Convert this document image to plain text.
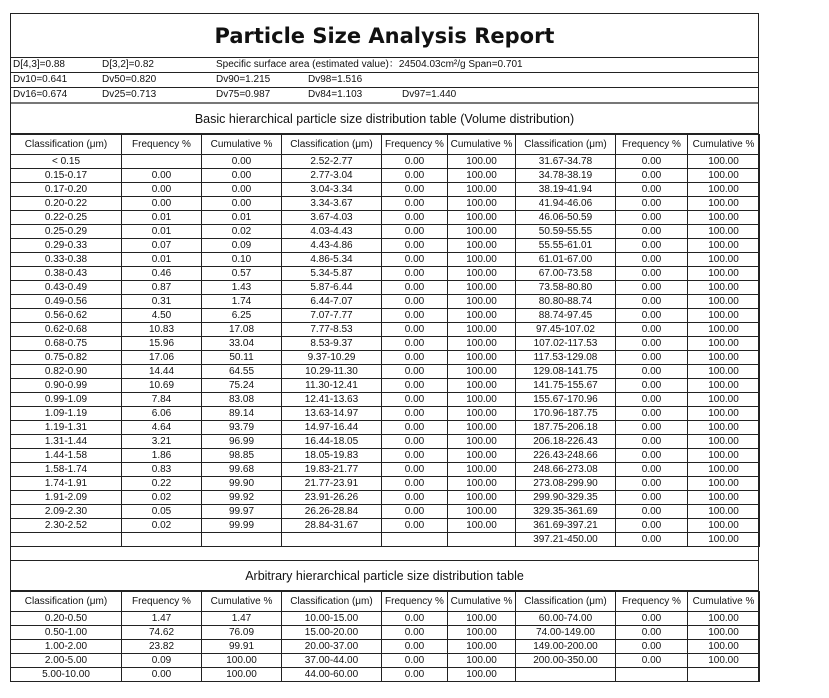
Particle Size Analysis Report
D[4,3]=0.88	D[3,2]=0.82	Specific surface area (estimated value)：24504.03cm²/g Span=0.701
Dv10=0.641	Dv50=0.820	Dv90=1.215	Dv98=1.516
Dv16=0.674	Dv25=0.713	Dv75=0.987	Dv84=1.103	Dv97=1.440
Basic hierarchical particle size distribution table (Volume distribution)
Classification (μm)	Frequency %	Cumulative %	Classification (μm)	Frequency %	Cumulative %	Classification (μm)	Frequency %	Cumulative %
< 0.15		0.00	2.52-2.77	0.00	100.00	31.67-34.78	0.00	100.00
0.15-0.17	0.00	0.00	2.77-3.04	0.00	100.00	34.78-38.19	0.00	100.00
0.17-0.20	0.00	0.00	3.04-3.34	0.00	100.00	38.19-41.94	0.00	100.00
0.20-0.22	0.00	0.00	3.34-3.67	0.00	100.00	41.94-46.06	0.00	100.00
0.22-0.25	0.01	0.01	3.67-4.03	0.00	100.00	46.06-50.59	0.00	100.00
0.25-0.29	0.01	0.02	4.03-4.43	0.00	100.00	50.59-55.55	0.00	100.00
0.29-0.33	0.07	0.09	4.43-4.86	0.00	100.00	55.55-61.01	0.00	100.00
0.33-0.38	0.01	0.10	4.86-5.34	0.00	100.00	61.01-67.00	0.00	100.00
0.38-0.43	0.46	0.57	5.34-5.87	0.00	100.00	67.00-73.58	0.00	100.00
0.43-0.49	0.87	1.43	5.87-6.44	0.00	100.00	73.58-80.80	0.00	100.00
0.49-0.56	0.31	1.74	6.44-7.07	0.00	100.00	80.80-88.74	0.00	100.00
0.56-0.62	4.50	6.25	7.07-7.77	0.00	100.00	88.74-97.45	0.00	100.00
0.62-0.68	10.83	17.08	7.77-8.53	0.00	100.00	97.45-107.02	0.00	100.00
0.68-0.75	15.96	33.04	8.53-9.37	0.00	100.00	107.02-117.53	0.00	100.00
0.75-0.82	17.06	50.11	9.37-10.29	0.00	100.00	117.53-129.08	0.00	100.00
0.82-0.90	14.44	64.55	10.29-11.30	0.00	100.00	129.08-141.75	0.00	100.00
0.90-0.99	10.69	75.24	11.30-12.41	0.00	100.00	141.75-155.67	0.00	100.00
0.99-1.09	7.84	83.08	12.41-13.63	0.00	100.00	155.67-170.96	0.00	100.00
1.09-1.19	6.06	89.14	13.63-14.97	0.00	100.00	170.96-187.75	0.00	100.00
1.19-1.31	4.64	93.79	14.97-16.44	0.00	100.00	187.75-206.18	0.00	100.00
1.31-1.44	3.21	96.99	16.44-18.05	0.00	100.00	206.18-226.43	0.00	100.00
1.44-1.58	1.86	98.85	18.05-19.83	0.00	100.00	226.43-248.66	0.00	100.00
1.58-1.74	0.83	99.68	19.83-21.77	0.00	100.00	248.66-273.08	0.00	100.00
1.74-1.91	0.22	99.90	21.77-23.91	0.00	100.00	273.08-299.90	0.00	100.00
1.91-2.09	0.02	99.92	23.91-26.26	0.00	100.00	299.90-329.35	0.00	100.00
2.09-2.30	0.05	99.97	26.26-28.84	0.00	100.00	329.35-361.69	0.00	100.00
2.30-2.52	0.02	99.99	28.84-31.67	0.00	100.00	361.69-397.21	0.00	100.00
						397.21-450.00	0.00	100.00
Arbitrary hierarchical particle size distribution table
Classification (μm)	Frequency %	Cumulative %	Classification (μm)	Frequency %	Cumulative %	Classification (μm)	Frequency %	Cumulative %
0.20-0.50	1.47	1.47	10.00-15.00	0.00	100.00	60.00-74.00	0.00	100.00
0.50-1.00	74.62	76.09	15.00-20.00	0.00	100.00	74.00-149.00	0.00	100.00
1.00-2.00	23.82	99.91	20.00-37.00	0.00	100.00	149.00-200.00	0.00	100.00
2.00-5.00	0.09	100.00	37.00-44.00	0.00	100.00	200.00-350.00	0.00	100.00
5.00-10.00	0.00	100.00	44.00-60.00	0.00	100.00			
